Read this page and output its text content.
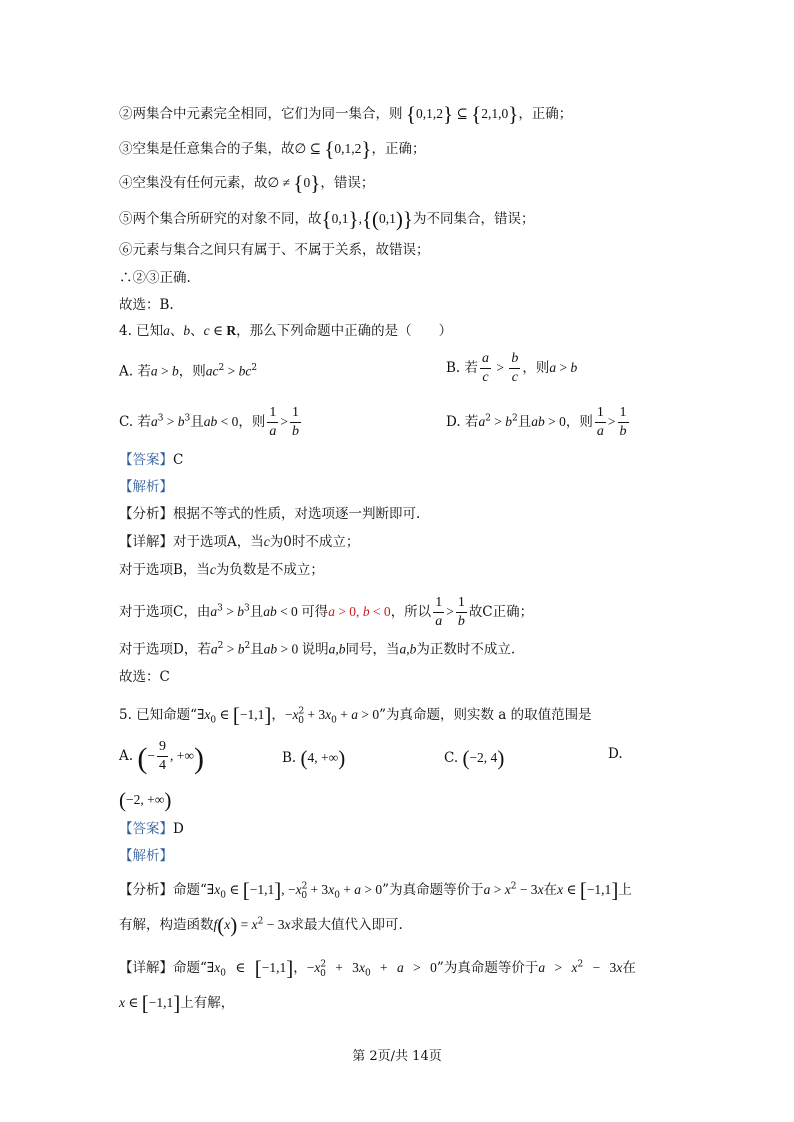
②两集合中元素完全相同，它们为同一集合，则 {0,1,2} ⊆ {2,1,0}，正确；
③空集是任意集合的子集，故∅ ⊆ {0,1,2}，正确；
④空集没有任何元素，故∅ ≠ {0}，错误；
⑤两个集合所研究的对象不同，故{0,1},{(0,1)}为不同集合，错误；
⑥元素与集合之间只有属于、不属于关系，故错误；
∴②③正确.
故选：B.
4. 已知a、b、c ∈ R，那么下列命题中正确的是（　　）
A. 若a > b，则$ac^2 > bc^2$	B. 若 $\frac{a}{c} > \frac{b}{c}$ ，则a > b
C. 若$a^3 > b^3$且ab < 0，则 $\frac{1}{a} > \frac{1}{b}$	D. 若$a^2 > b^2$且ab > 0，则 $\frac{1}{a} > \frac{1}{b}$
【答案】C
【解析】
【分析】根据不等式的性质，对选项逐一判断即可.
【详解】对于选项A，当c为0时不成立；
对于选项B，当c为负数是不成立；
对于选项C，由$a^3 > b^3$且ab < 0 可得a > 0, b < 0，所以 $\frac{1}{a} > \frac{1}{b}$ 故C正确；
对于选项D，若$a^2 > b^2$且ab > 0 说明a,b同号，当a,b为正数时不成立.
故选：C
5. 已知命题“$\exists x_0$ ∈ [−1,1]，$-x^2_0 + 3x_0 + a > 0$”为真命题，则实数 a 的取值范围是
A. (− $\frac{9}{4}$ , +∞)	B. (4, +∞)	C. (−2, 4)	D.
(−2, +∞)
【答案】D
【解析】
【分析】命题“$\exists x_0$ ∈ [−1,1], $-x^2_0 + 3x_0 + a > 0$”为真命题等价于$a > x^2 - 3x$在x ∈ [−1,1]上
有解，构造函数$f(x) = x^2 - 3x$求最大值代入即可.
【详解】命题“$\exists x_0$ ∈ [−1,1]，$-x^2_0 + 3x_0 + a > 0$”为真命题等价于$a > x^2 - 3x$在
x ∈ [−1,1]上有解，
第 2页/共 14页
